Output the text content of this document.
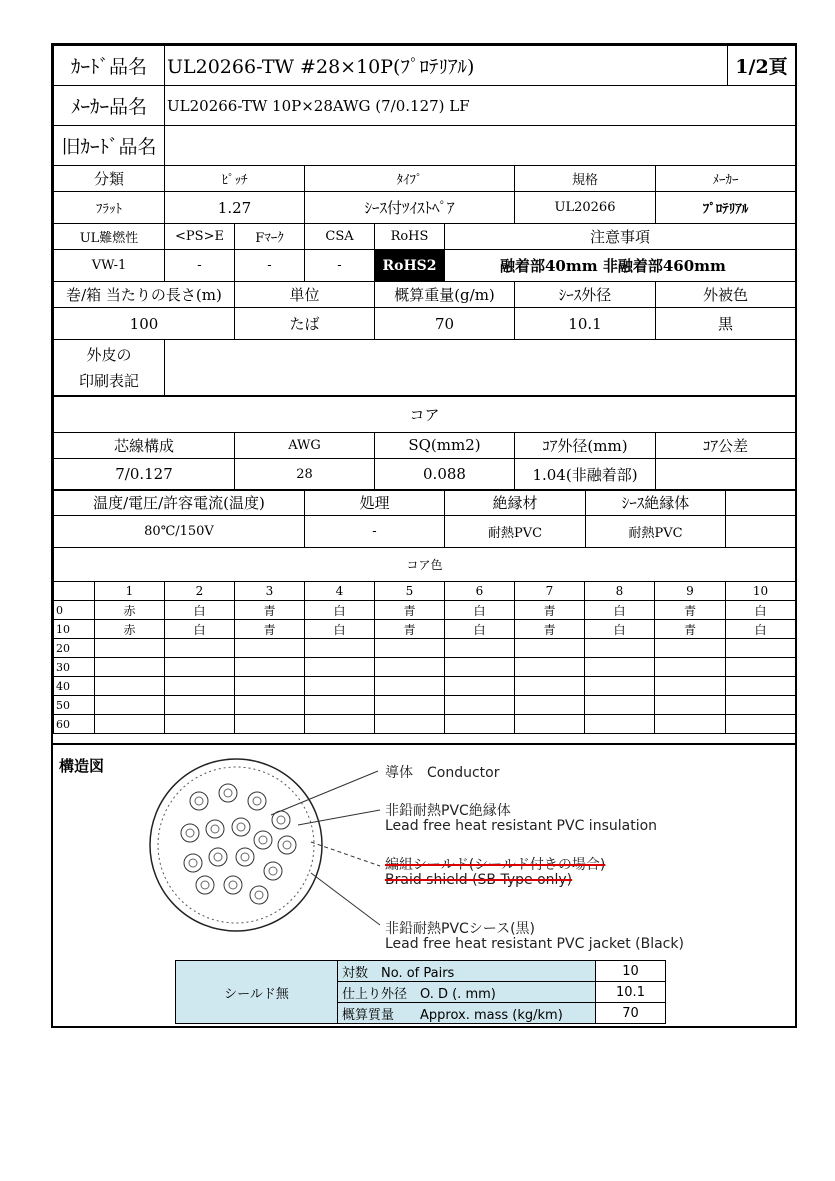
ｶｰﾄﾞ品名	UL20266-TW #28×10P(ﾌﾟﾛﾃﾘｱﾙ)	1/2頁
ﾒｰｶｰ品名	UL20266-TW 10P×28AWG (7/0.127) LF
旧ｶｰﾄﾞ品名	
分類	ﾋﾟｯﾁ	ﾀｲﾌﾟ	規格	ﾒｰｶｰ
ﾌﾗｯﾄ	1.27	ｼｰｽ付ﾂｲｽﾄﾍﾟｱ	UL20266	ﾌﾟﾛﾃﾘｱﾙ
UL難燃性	<PS>E	Fﾏｰｸ	CSA	RoHS	注意事項
VW-1	-	-	-	RoHS2	融着部40mm 非融着部460mm
巻/箱 当たりの長さ(m)	単位	概算重量(g/m)	ｼｰｽ外径	外被色
100	たば	70	10.1	黒
外皮の
印刷表記	
コア				
芯線構成	AWG	SQ(mm2)	ｺｱ外径(mm)	ｺｱ公差
7/0.127	28	0.088	1.04(非融着部)	
温度/電圧/許容電流(温度)	処理	絶縁材	ｼｰｽ絶縁体	
80℃/150V	-	耐熱PVC	耐熱PVC	
コア色										
	1	2	3	4	5	6	7	8	9	10
0	赤	白	青	白	青	白	青	白	青	白
10	赤	白	青	白	青	白	青	白	青	白
20										
30										
40										
50										
60										
構造図	導体　Conductor
非鉛耐熱PVC絶縁体
Lead free heat resistant PVC insulation
編組シールド(シールド付きの場合)
Braid shield (SB Type only)
非鉛耐熱PVCシース(黒)
Lead free heat resistant PVC jacket (Black)
シールド無	対数　No. of Pairs	10
	仕上り外径　O. D (. mm)	10.1
	概算質量　　Approx. mass (kg/km)	70
